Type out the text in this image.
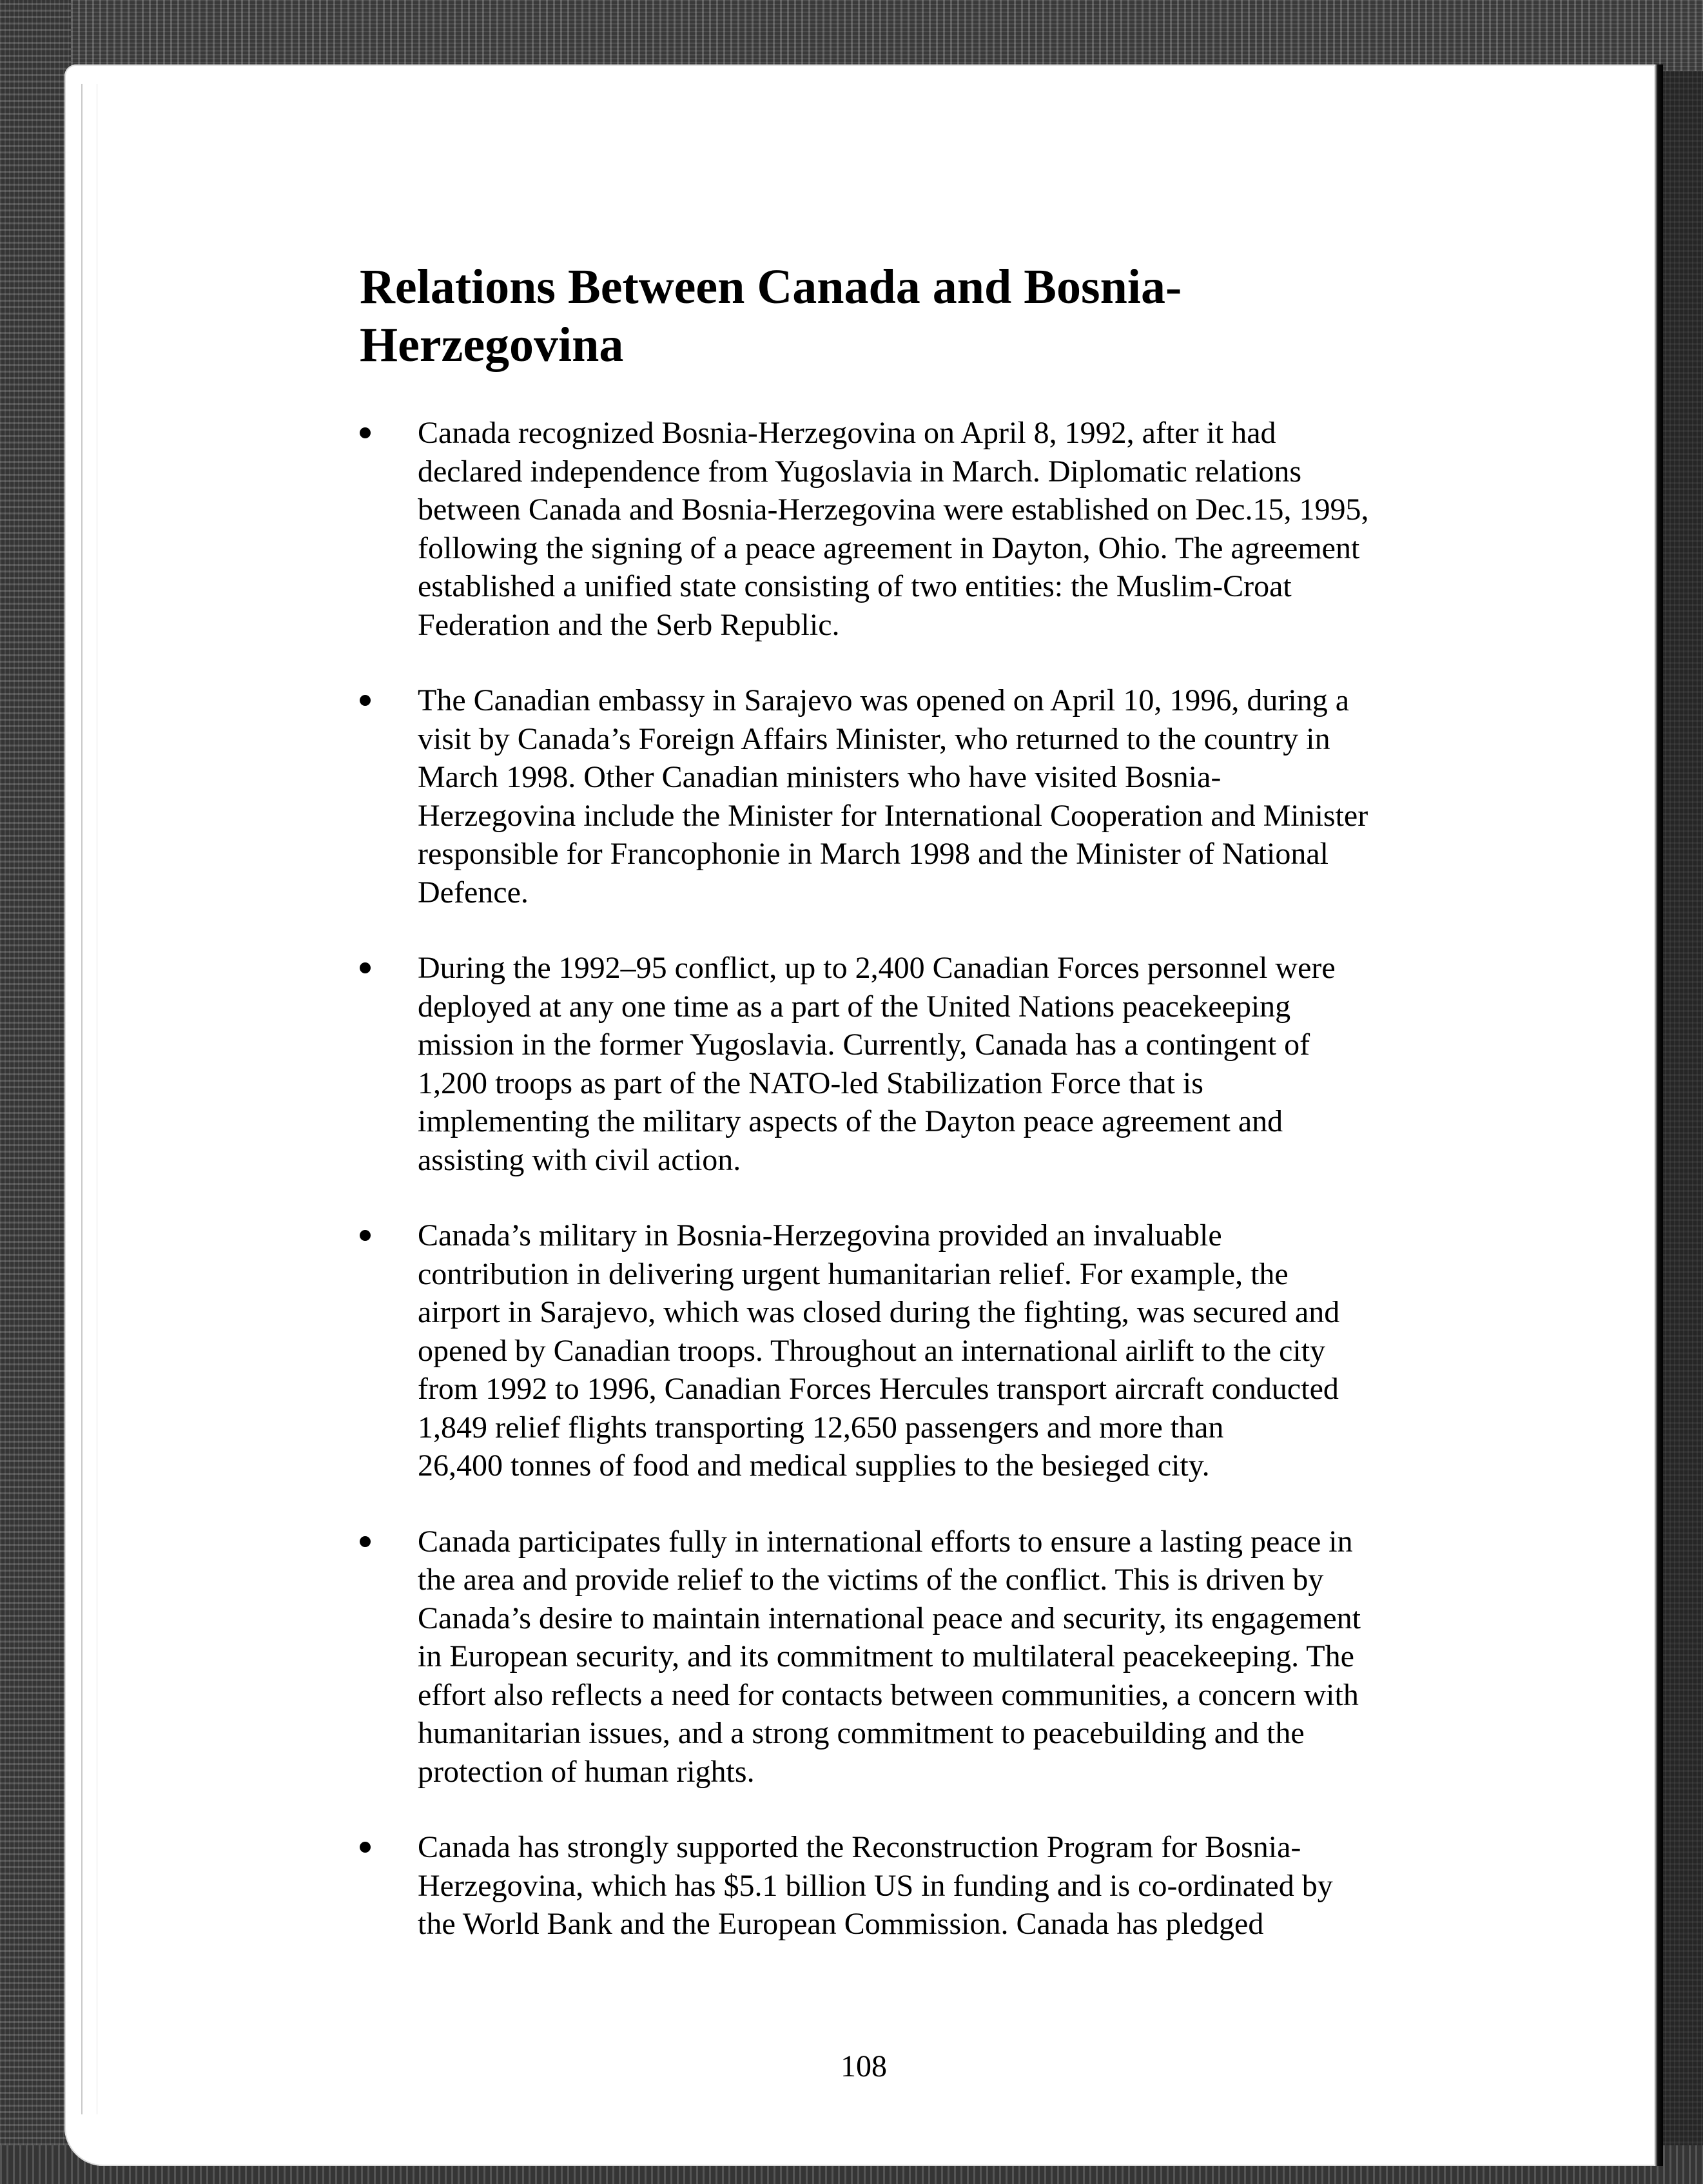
Relations Between Canada and Bosnia-
Herzegovina
Canada recognized Bosnia-Herzegovina on April 8, 1992, after it had
declared independence from Yugoslavia in March. Diplomatic relations
between Canada and Bosnia-Herzegovina were established on Dec.15, 1995,
following the signing of a peace agreement in Dayton, Ohio. The agreement
established a unified state consisting of two entities: the Muslim-Croat
Federation and the Serb Republic.
The Canadian embassy in Sarajevo was opened on April 10, 1996, during a
visit by Canada’s Foreign Affairs Minister, who returned to the country in
March 1998. Other Canadian ministers who have visited Bosnia-
Herzegovina include the Minister for International Cooperation and Minister
responsible for Francophonie in March 1998 and the Minister of National
Defence.
During the 1992–95 conflict, up to 2,400 Canadian Forces personnel were
deployed at any one time as a part of the United Nations peacekeeping
mission in the former Yugoslavia. Currently, Canada has a contingent of
1,200 troops as part of the NATO-led Stabilization Force that is
implementing the military aspects of the Dayton peace agreement and
assisting with civil action.
Canada’s military in Bosnia-Herzegovina provided an invaluable
contribution in delivering urgent humanitarian relief. For example, the
airport in Sarajevo, which was closed during the fighting, was secured and
opened by Canadian troops. Throughout an international airlift to the city
from 1992 to 1996, Canadian Forces Hercules transport aircraft conducted
1,849 relief flights transporting 12,650 passengers and more than
26,400 tonnes of food and medical supplies to the besieged city.
Canada participates fully in international efforts to ensure a lasting peace in
the area and provide relief to the victims of the conflict. This is driven by
Canada’s desire to maintain international peace and security, its engagement
in European security, and its commitment to multilateral peacekeeping. The
effort also reflects a need for contacts between communities, a concern with
humanitarian issues, and a strong commitment to peacebuilding and the
protection of human rights.
Canada has strongly supported the Reconstruction Program for Bosnia-
Herzegovina, which has $5.1 billion US in funding and is co-ordinated by
the World Bank and the European Commission. Canada has pledged
108
